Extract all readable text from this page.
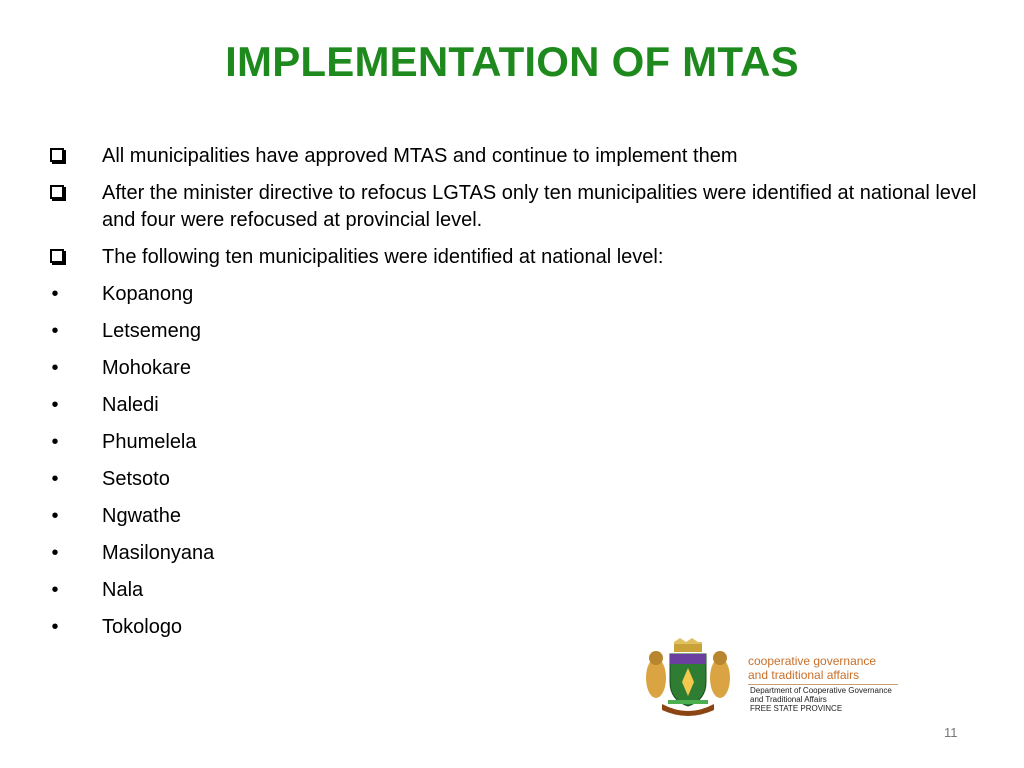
IMPLEMENTATION OF MTAS
All municipalities have approved MTAS and continue to implement them
After the minister directive to refocus LGTAS only ten municipalities were identified at national level and four were refocused at provincial level.
The following ten municipalities were identified at national level:
•	Kopanong
•	Letsemeng
•	Mohokare
•	Naledi
•	Phumelela
•	Setsoto
•	Ngwathe
•	Masilonyana
•	Nala
•	Tokologo
cooperative governance
and traditional affairs
Department of Cooperative Governance
and Traditional Affairs
FREE STATE PROVINCE
11
